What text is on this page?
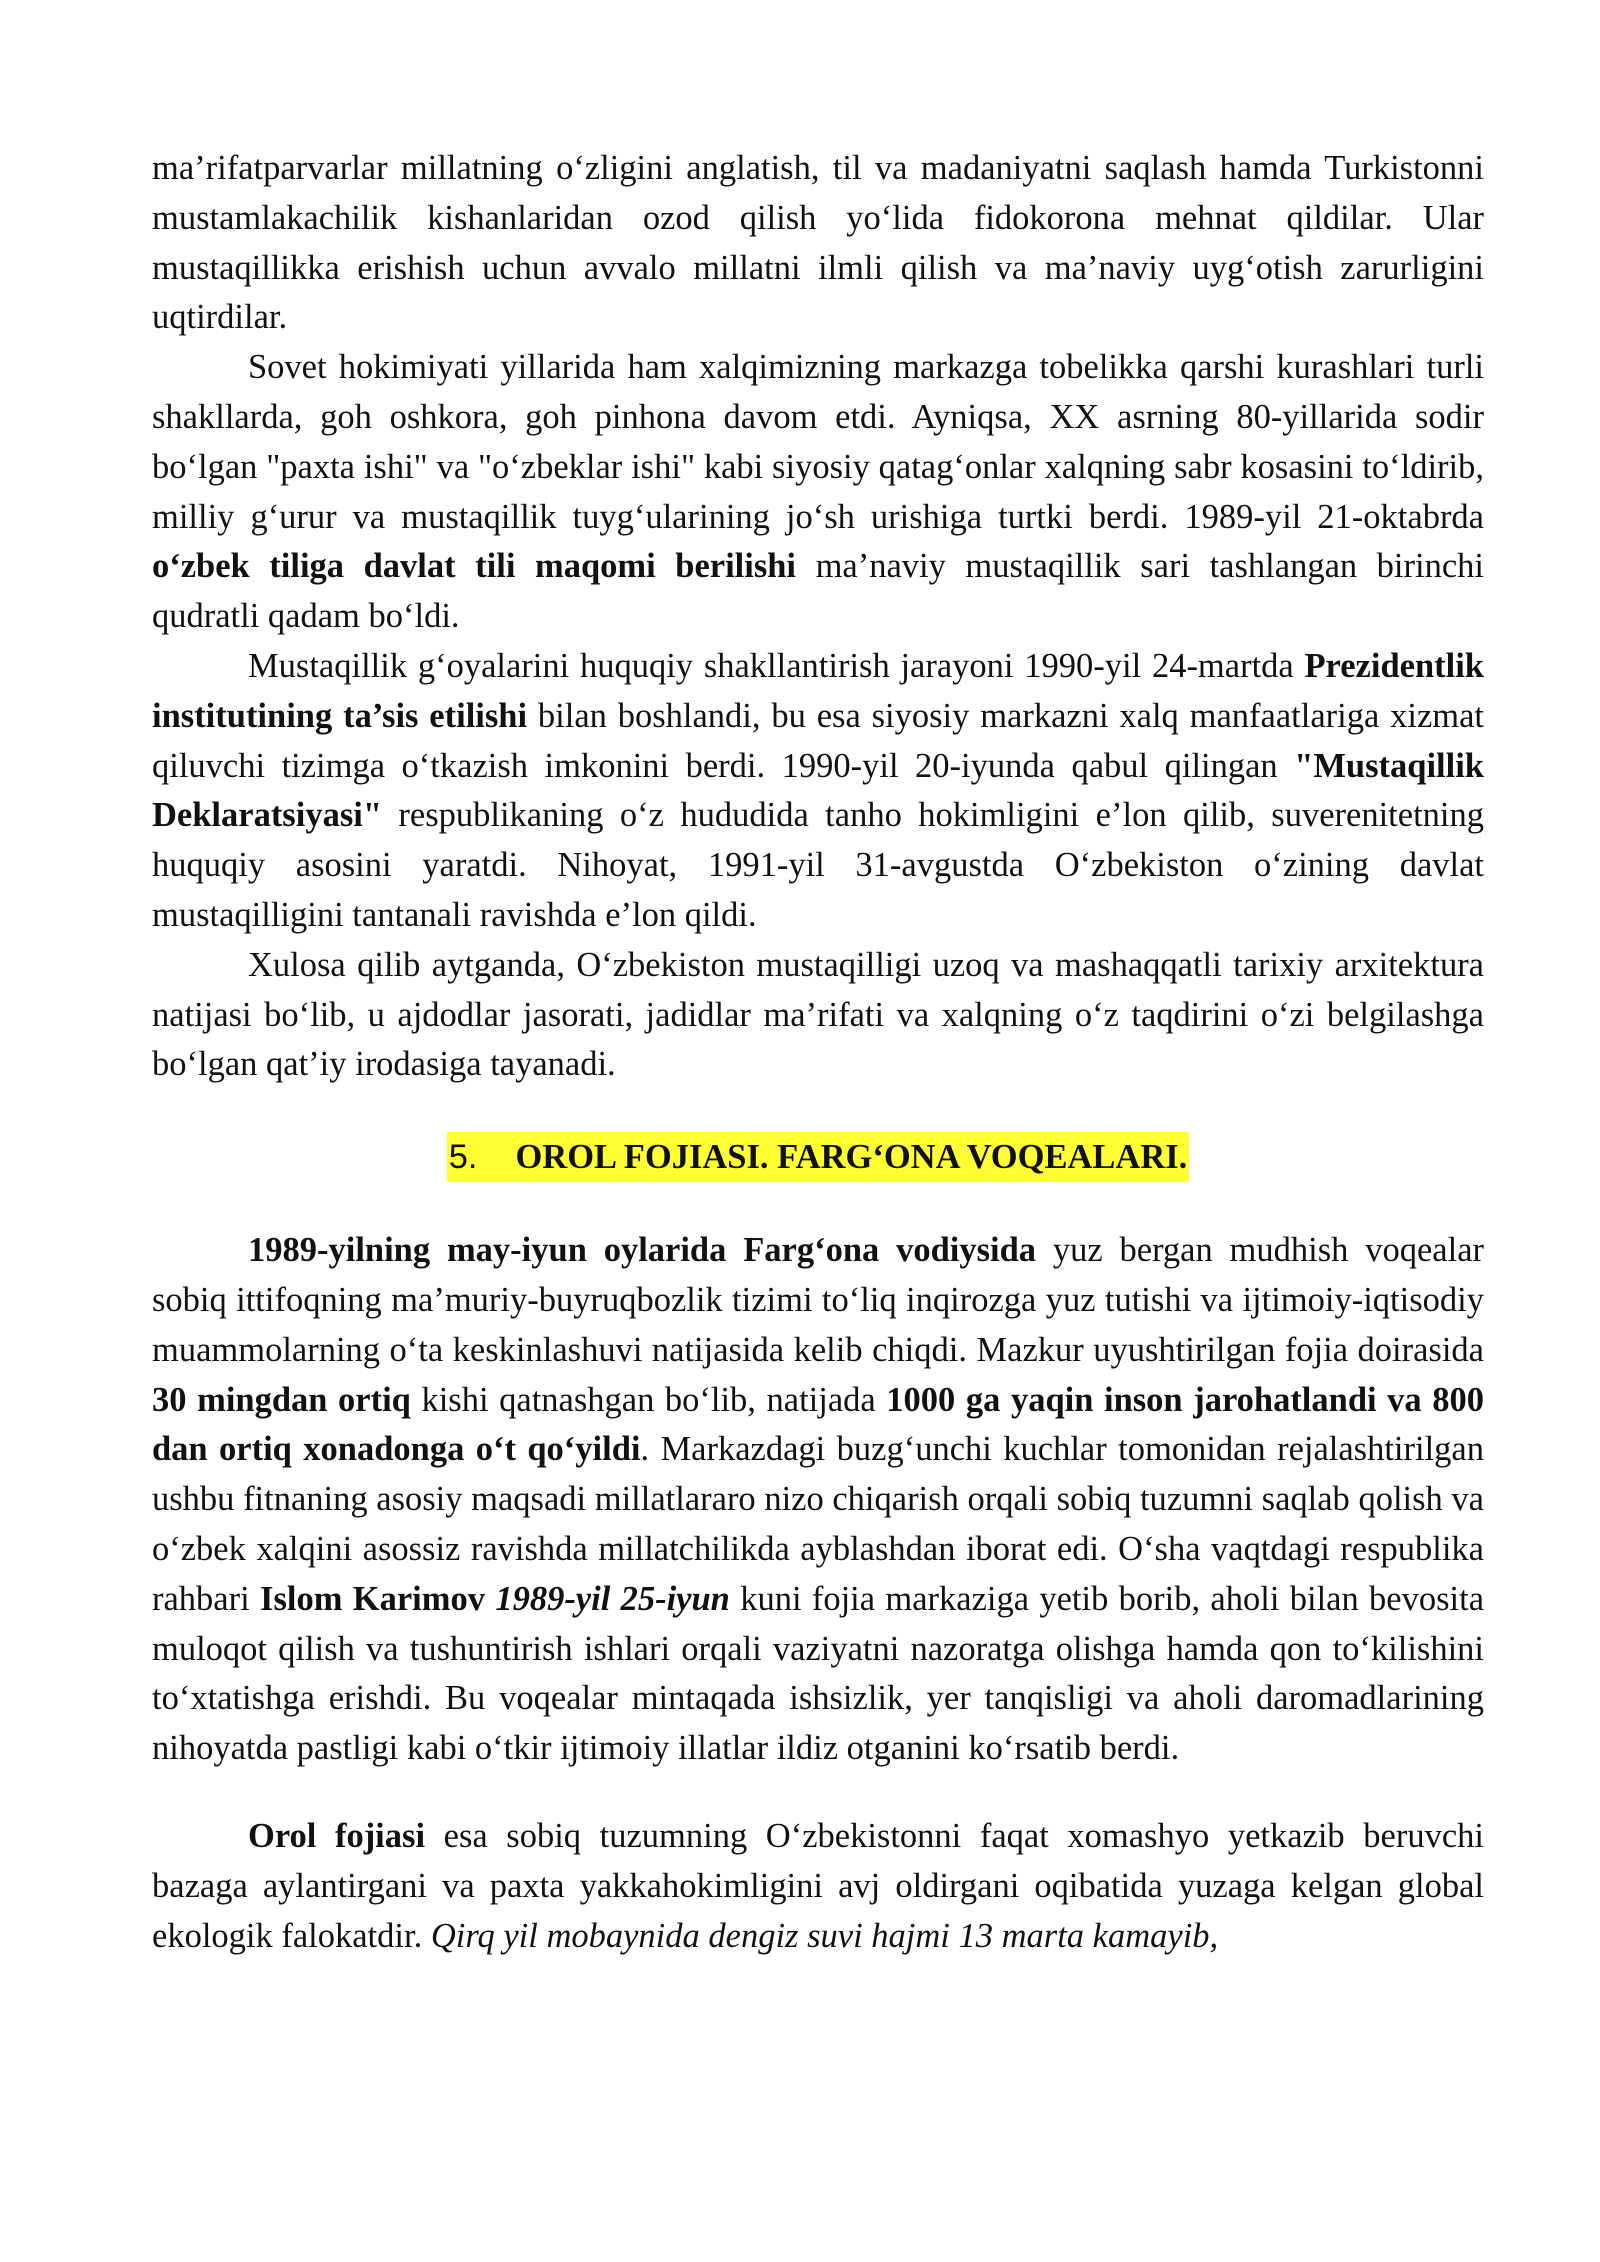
ma’rifatparvarlar millatning o‘zligini anglatish, til va madaniyatni saqlash hamda Turkistonni mustamlakachilik kishanlaridan ozod qilish yo‘lida fidokorona mehnat qildilar. Ular mustaqillikka erishish uchun avvalo millatni ilmli qilish va ma’naviy uyg‘otish zarurligini uqtirdilar.

Sovet hokimiyati yillarida ham xalqimizning markazga tobelikka qarshi kurashlari turli shakllarda, goh oshkora, goh pinhona davom etdi. Ayniqsa, XX asrning 80-yillarida sodir bo‘lgan "paxta ishi" va "o‘zbeklar ishi" kabi siyosiy qatag‘onlar xalqning sabr kosasini to‘ldirib, milliy g‘urur va mustaqillik tuyg‘ularining jo‘sh urishiga turtki berdi. 1989-yil 21-oktabrda o‘zbek tiliga davlat tili maqomi berilishi ma’naviy mustaqillik sari tashlangan birinchi qudratli qadam bo‘ldi.

Mustaqillik g‘oyalarini huquqiy shakllantirish jarayoni 1990-yil 24-martda Prezidentlik institutining ta’sis etilishi bilan boshlandi, bu esa siyosiy markazni xalq manfaatlariga xizmat qiluvchi tizimga o‘tkazish imkonini berdi. 1990-yil 20-iyunda qabul qilingan "Mustaqillik Deklaratsiyasi" respublikaning o‘z hududida tanho hokimligini e’lon qilib, suverenitetning huquqiy asosini yaratdi. Nihoyat, 1991-yil 31-avgustda O‘zbekiston o‘zining davlat mustaqilligini tantanali ravishda e’lon qildi.

Xulosa qilib aytganda, O‘zbekiston mustaqilligi uzoq va mashaqqatli tarixiy arxitektura natijasi bo‘lib, u ajdodlar jasorati, jadidlar ma’rifati va xalqning o‘z taqdirini o‘zi belgilashga bo‘lgan qat’iy irodasiga tayanadi.

5. OROL FOJIASI. FARG‘ONA VOQEALARI.

1989-yilning may-iyun oylarida Farg‘ona vodiysida yuz bergan mudhish voqealar sobiq ittifoqning ma’muriy-buyruqbozlik tizimi to‘liq inqirozga yuz tutishi va ijtimoiy-iqtisodiy muammolarning o‘ta keskinlashuvi natijasida kelib chiqdi. Mazkur uyushtirilgan fojia doirasida 30 mingdan ortiq kishi qatnashgan bo‘lib, natijada 1000 ga yaqin inson jarohatlandi va 800 dan ortiq xonadonga o‘t qo‘yildi. Markazdagi buzg‘unchi kuchlar tomonidan rejalashtirilgan ushbu fitnaning asosiy maqsadi millatlararo nizo chiqarish orqali sobiq tuzumni saqlab qolish va o‘zbek xalqini asossiz ravishda millatchilikda ayblashdan iborat edi. O‘sha vaqtdagi respublika rahbari Islom Karimov 1989-yil 25-iyun kuni fojia markaziga yetib borib, aholi bilan bevosita muloqot qilish va tushuntirish ishlari orqali vaziyatni nazoratga olishga hamda qon to‘kilishini to‘xtatishga erishdi. Bu voqealar mintaqada ishsizlik, yer tanqisligi va aholi daromadlarining nihoyatda pastligi kabi o‘tkir ijtimoiy illatlar ildiz otganini ko‘rsatib berdi.

Orol fojiasi esa sobiq tuzumning O‘zbekistonni faqat xomashyo yetkazib beruvchi bazaga aylantirgani va paxta yakkahokimligini avj oldirgani oqibatida yuzaga kelgan global ekologik falokatdir. Qirq yil mobaynida dengiz suvi hajmi 13 marta kamayib,
